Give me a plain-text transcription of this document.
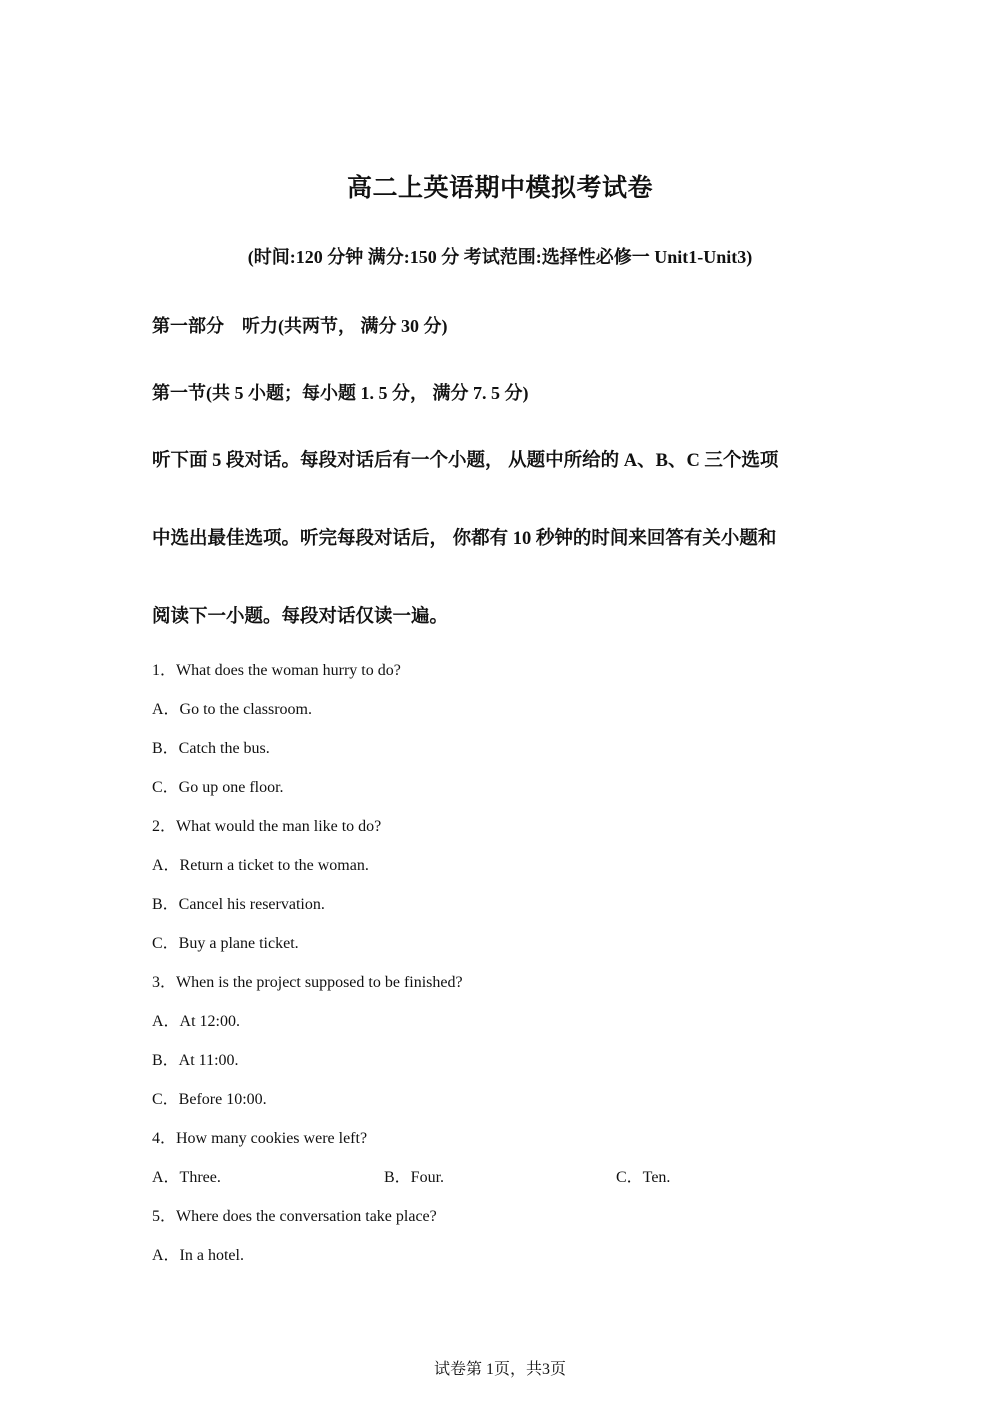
高二上英语期中模拟考试卷
(时间:120 分钟 满分:150 分 考试范围:选择性必修一 Unit1-Unit3)
第一部分    听力(共两节， 满分 30 分)
第一节(共 5 小题；每小题 1. 5 分， 满分 7. 5 分)
听下面 5 段对话。每段对话后有一个小题， 从题中所给的 A、B、C 三个选项
中选出最佳选项。听完每段对话后， 你都有 10 秒钟的时间来回答有关小题和
阅读下一小题。每段对话仅读一遍。
1．What does the woman hurry to do?
A．Go to the classroom.
B．Catch the bus.
C．Go up one floor.
2．What would the man like to do?
A．Return a ticket to the woman.
B．Cancel his reservation.
C．Buy a plane ticket.
3．When is the project supposed to be finished?
A．At 12:00.
B．At 11:00.
C．Before 10:00.
4．How many cookies were left?
A．Three.	B．Four.	C．Ten.
5．Where does the conversation take place?
A．In a hotel.
试卷第 1页，共3页
